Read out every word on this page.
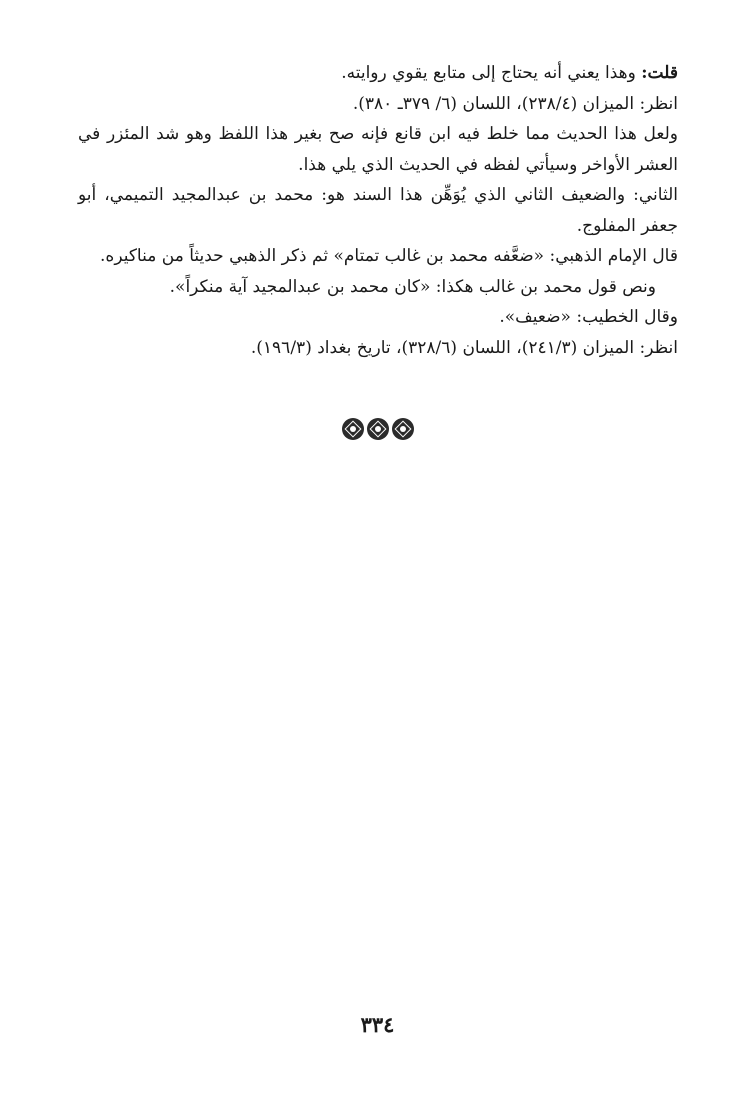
قلت: وهذا يعني أنه يحتاج إلى متابع يقوي روايته.

انظر: الميزان (٢٣٨/٤)، اللسان (٦/ ٣٧٩ـ ٣٨٠).

ولعل هذا الحديث مما خلط فيه ابن قانع فإنه صح بغير هذا اللفظ وهو شد المئزر في العشر الأواخر وسيأتي لفظه في الحديث الذي يلي هذا.

الثاني: والضعيف الثاني الذي يُوَهِّن هذا السند هو: محمد بن عبدالمجيد التميمي، أبو جعفر المفلوج.

قال الإمام الذهبي: «ضعَّفه محمد بن غالب تمتام» ثم ذكر الذهبي حديثاً من مناكيره.

ونص قول محمد بن غالب هكذا: «كان محمد بن عبدالمجيد آية منكراً».

وقال الخطيب: «ضعيف».

انظر: الميزان (٢٤١/٣)، اللسان (٣٢٨/٦)، تاريخ بغداد (١٩٦/٣).

٣٣٤
